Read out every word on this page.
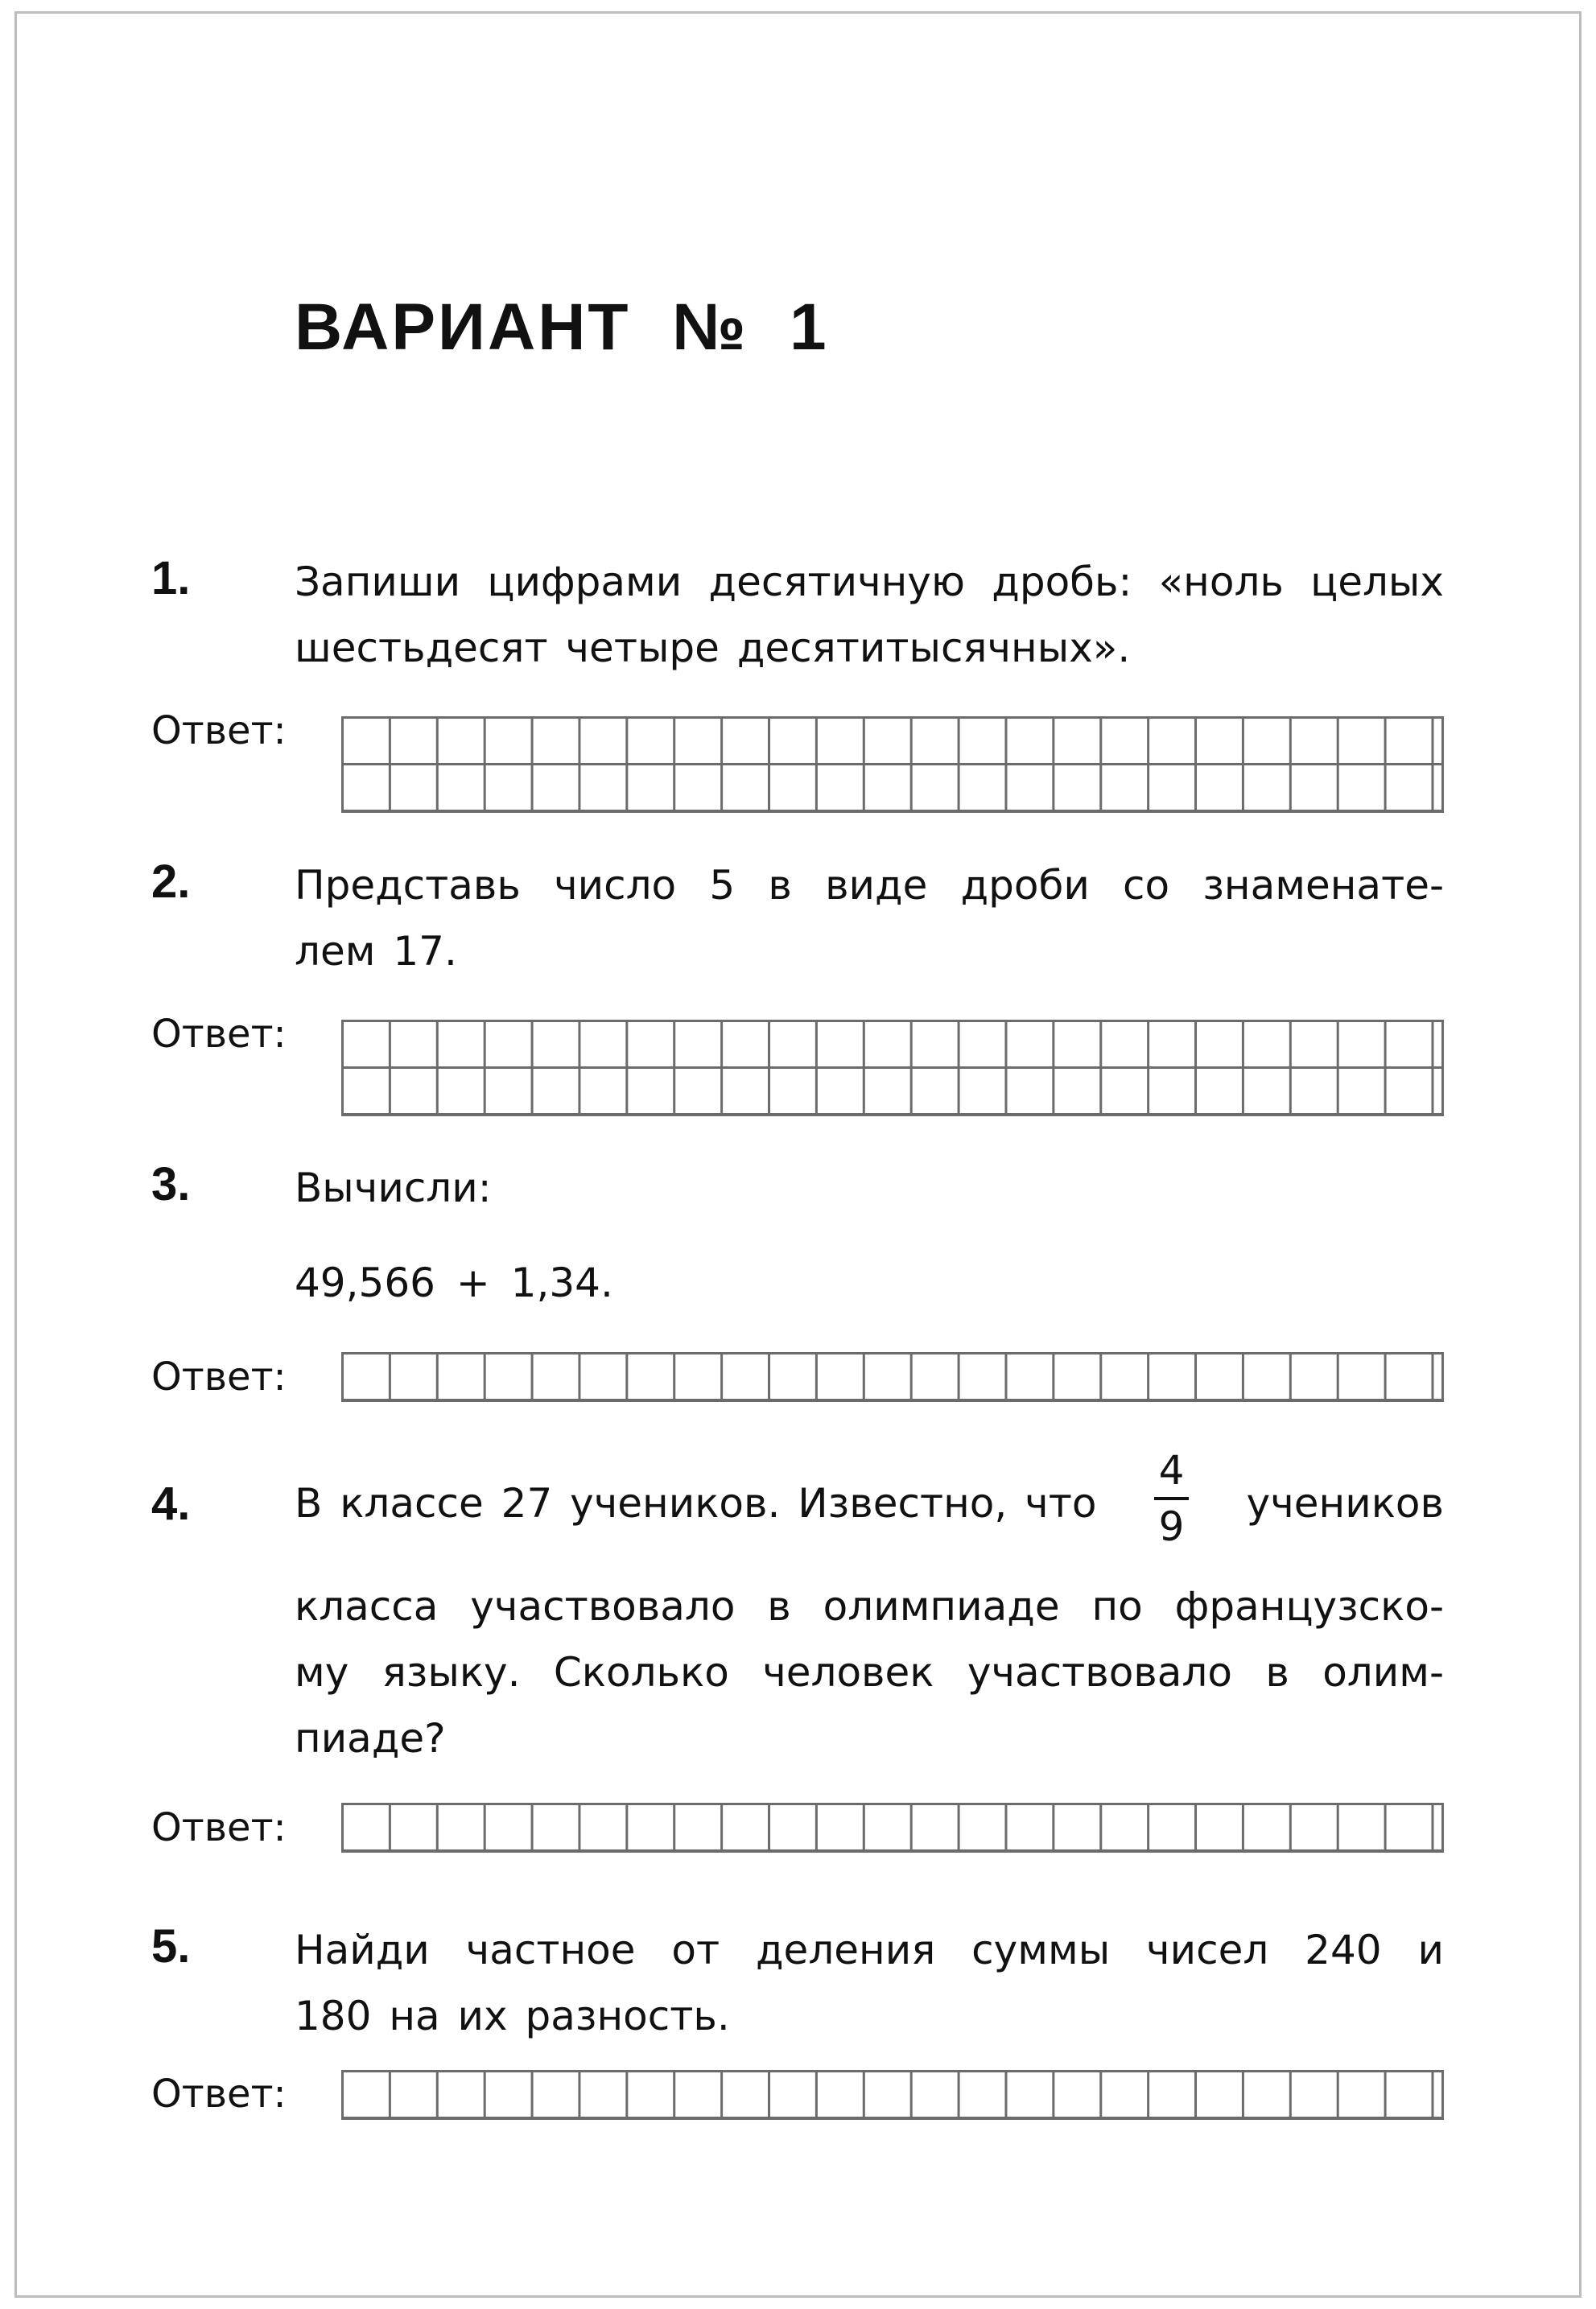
ВАРИАНТ  №  1
1.	Запиши цифрами десятичную дробь: «ноль целых
шестьдесят четыре десятитысячных».
Ответ:
2.	Представь число 5 в виде дроби со знаменате-
лем 17.
Ответ:
3.	Вычисли:
49,566 + 1,34.
Ответ:
4.	В классе 27 учеников. Известно, что $\frac{4}{9}$ учеников
класса участвовало в олимпиаде по французско-
му языку. Сколько человек участвовало в олим-
пиаде?
Ответ:
5.	Найди частное от деления суммы чисел 240 и
180 на их разность.
Ответ:
